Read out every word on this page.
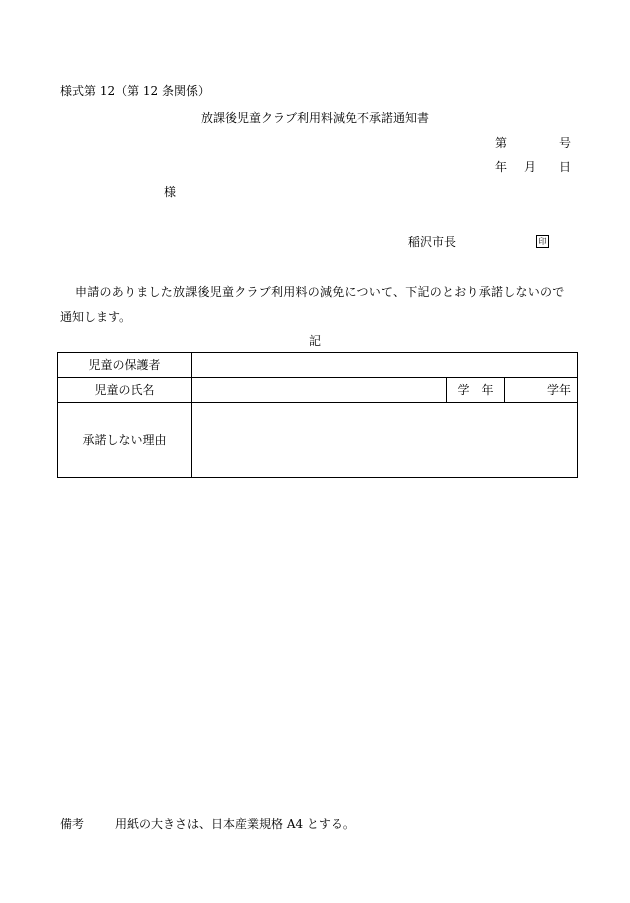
様式第 12（第 12 条関係）
放課後児童クラブ利用料減免不承諾通知書
第	号
年 月 日
様
稲沢市長	印
申請のありました放課後児童クラブ利用料の減免について、下記のとおり承諾しないので
通知します。
記
児童の保護者			
児童の氏名		学　年	学年
承諾しない理由			
備考	用紙の大きさは、日本産業規格 A4 とする。
